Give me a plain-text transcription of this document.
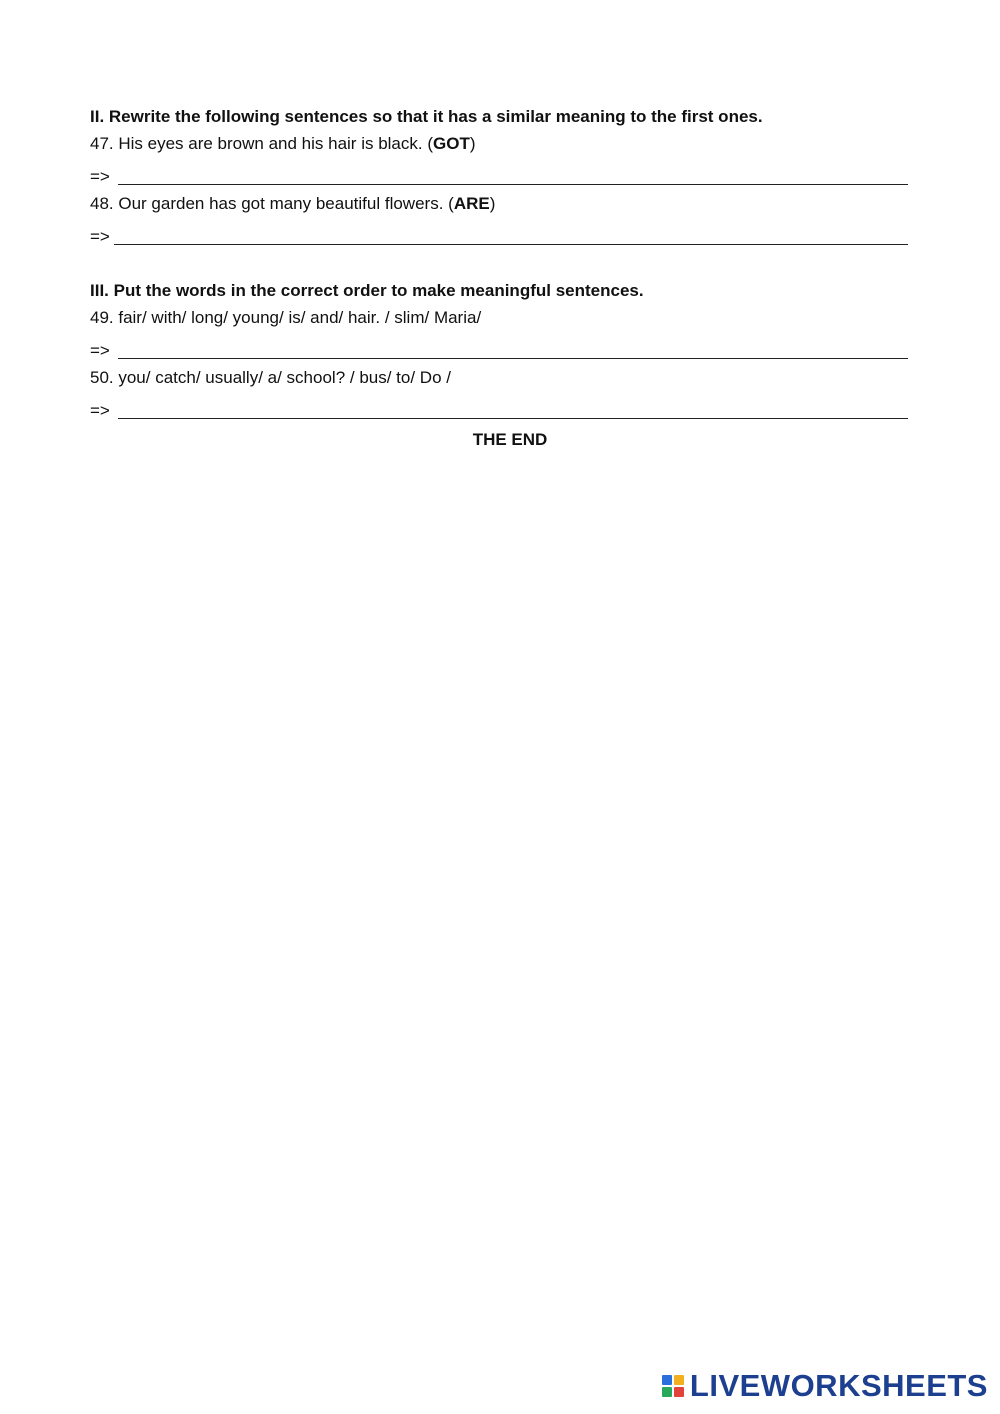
II. Rewrite the following sentences so that it has a similar meaning to the first ones.

47. His eyes are brown and his hair is black. (GOT)
=>
48. Our garden has got many beautiful flowers. (ARE)
=>

III. Put the words in the correct order to make meaningful sentences.

49. fair/ with/ long/ young/ is/ and/ hair. / slim/ Maria/
=>
50. you/ catch/ usually/ a/ school? / bus/ to/ Do /
=>
THE END
LIVEWORKSHEETS
